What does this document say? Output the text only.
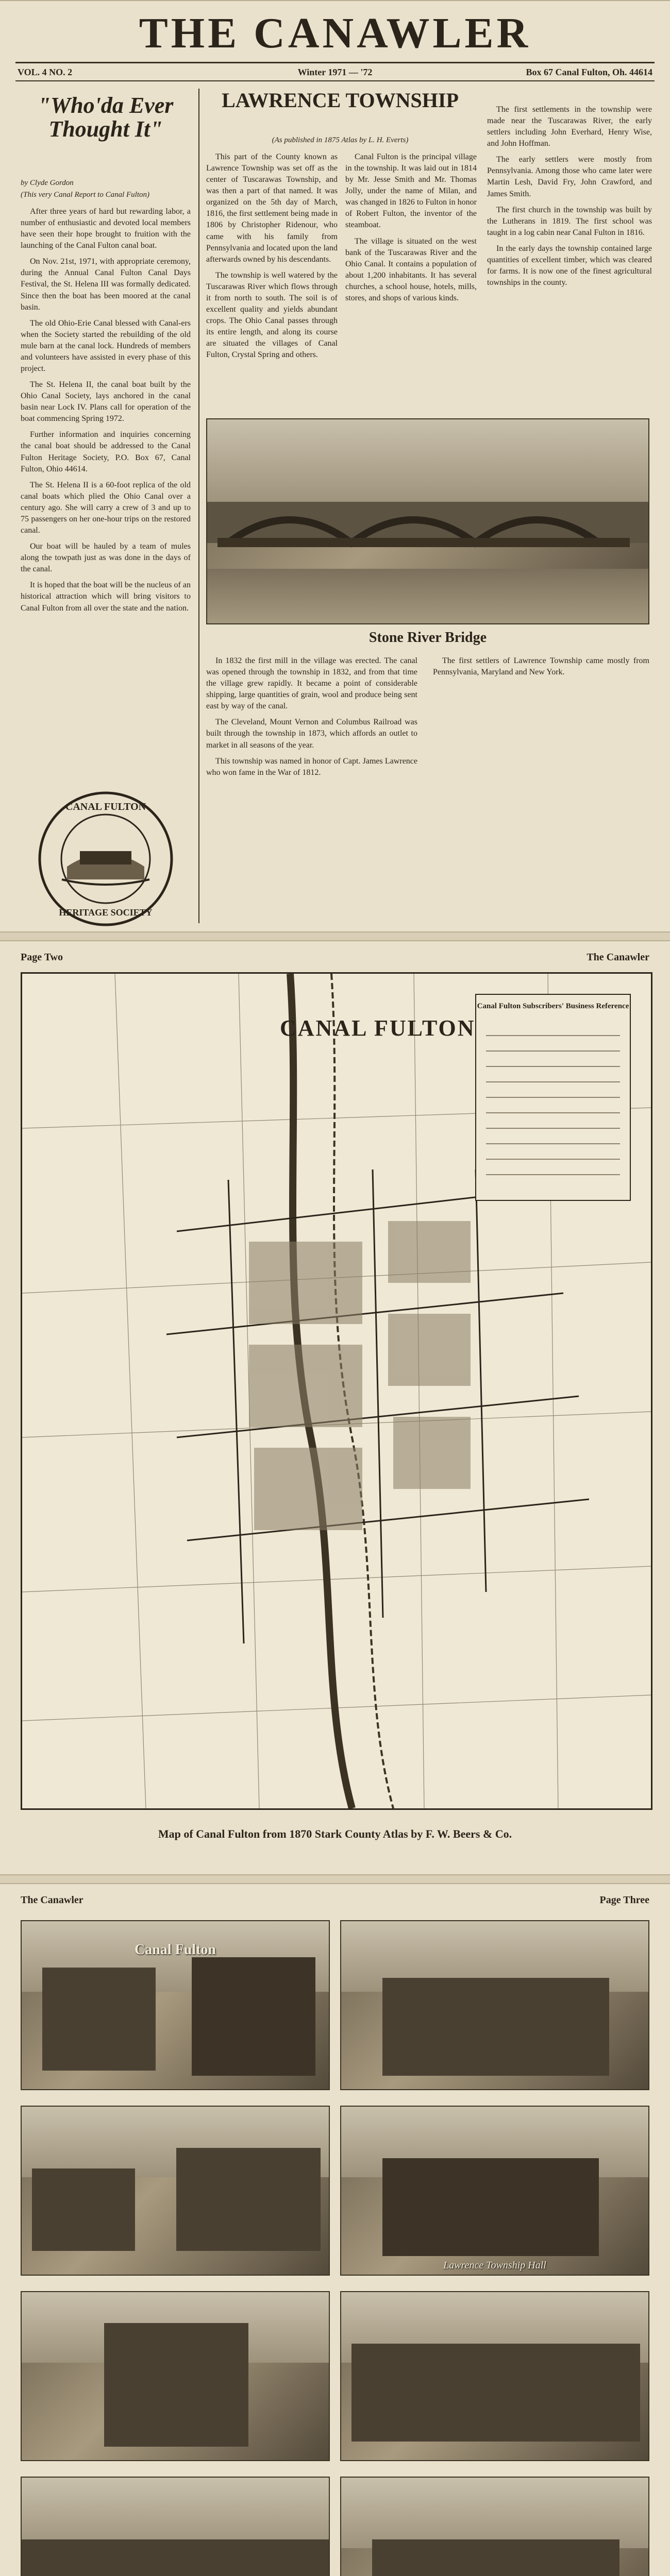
THE CANAWLER
VOL. 4 NO. 2	Winter 1971 — '72	Box 67 Canal Fulton, Oh. 44614
"Who'da Ever Thought It"
by Clyde Gordon
(This very Canal Report to Canal Fulton)

After three years of hard but rewarding labor, a number of enthusiastic and devoted local members have seen their hope brought to fruition with the launching of the Canal Fulton canal boat.

On Nov. 21st, 1971, with appropriate ceremony, during the Annual Canal Fulton Canal Days Festival, the St. Helena III was formally dedicated. Since then the boat has been moored at the canal basin.

The old Ohio-Erie Canal blessed with Canal-ers when the Society started the rebuilding of the old mule barn at the canal lock. Hundreds of members and volunteers have assisted in every phase of this project.

The St. Helena II, the canal boat built by the Ohio Canal Society, lays anchored in the canal basin near Lock IV. Plans call for operation of the boat commencing Spring 1972.

Further information and inquiries concerning the canal boat should be addressed to the Canal Fulton Heritage Society, P.O. Box 67, Canal Fulton, Ohio 44614.

The St. Helena II is a 60-foot replica of the old canal boats which plied the Ohio Canal over a century ago. She will carry a crew of 3 and up to 75 passengers on her one-hour trips on the restored canal.

Our boat will be hauled by a team of mules along the towpath just as was done in the days of the canal.

It is hoped that the boat will be the nucleus of an historical attraction which will bring visitors to Canal Fulton from all over the state and the nation.

CANAL FULTON
HERITAGE SOCIETY
LAWRENCE TOWNSHIP
(As published in 1875 Atlas by L. H. Everts)

This part of the County known as Lawrence Township was set off as the center of Tuscarawas Township, and was then a part of that named. It was organized on the 5th day of March, 1816, the first settlement being made in 1806 by Christopher Ridenour, who came with his family from Pennsylvania and located upon the land afterwards owned by his descendants.

The township is well watered by the Tuscarawas River which flows through it from north to south. The soil is of excellent quality and yields abundant crops. The Ohio Canal passes through its entire length, and along its course are situated the villages of Canal Fulton, Crystal Spring and others.

Canal Fulton is the principal village in the township. It was laid out in 1814 by Mr. Jesse Smith and Mr. Thomas Jolly, under the name of Milan, and was changed in 1826 to Fulton in honor of Robert Fulton, the inventor of the steamboat.

The village is situated on the west bank of the Tuscarawas River and the Ohio Canal. It contains a population of about 1,200 inhabitants. It has several churches, a school house, hotels, mills, stores, and shops of various kinds.

The first settlements in the township were made near the Tuscarawas River, the early settlers including John Everhard, Henry Wise, and John Hoffman.

The early settlers were mostly from Pennsylvania. Among those who came later were Martin Lesh, David Fry, John Crawford, and James Smith.

The first church in the township was built by the Lutherans in 1819. The first school was taught in a log cabin near Canal Fulton in 1816.

In the early days the township contained large quantities of excellent timber, which was cleared for farms. It is now one of the finest agricultural townships in the county.

Stone River Bridge

In 1832 the first mill in the village was erected. The canal was opened through the township in 1832, and from that time the village grew rapidly. It became a point of considerable shipping, large quantities of grain, wool and produce being sent east by way of the canal.

The Cleveland, Mount Vernon and Columbus Railroad was built through the township in 1873, which affords an outlet to market in all seasons of the year.

This township was named in honor of Capt. James Lawrence who won fame in the War of 1812.

The first settlers of Lawrence Township came mostly from Pennsylvania, Maryland and New York.

Page Two	The Canawler
CANAL FULTON
Canal Fulton Subscribers' Business Reference
Map of Canal Fulton from 1870 Stark County Atlas by F. W. Beers & Co.
The Canawler	Page Three
Canal Fulton
Lawrence Township Hall
